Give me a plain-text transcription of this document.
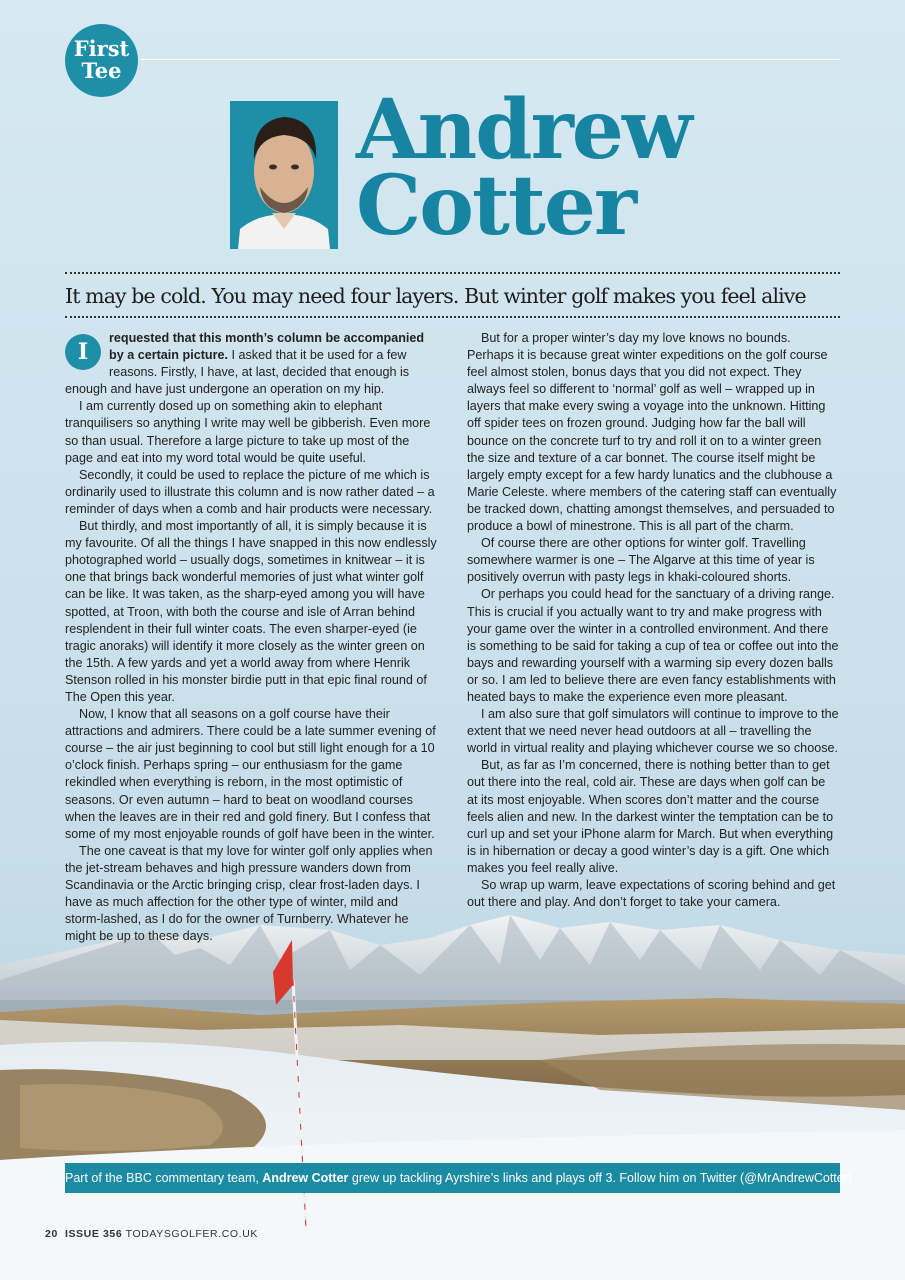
First
Tee
Andrew
Cotter
It may be cold. You may need four layers. But winter golf makes you feel alive

I
requested that this month’s column be accompanied by a certain picture. I asked that it be used for a few reasons. Firstly, I have, at last, decided that enough is enough and have just undergone an operation on my hip.

I am currently dosed up on something akin to elephant tranquilisers so anything I write may well be gibberish. Even more so than usual. Therefore a large picture to take up most of the page and eat into my word total would be quite useful.

Secondly, it could be used to replace the picture of me which is ordinarily used to illustrate this column and is now rather dated – a reminder of days when a comb and hair products were necessary.

But thirdly, and most importantly of all, it is simply because it is my favourite. Of all the things I have snapped in this now endlessly photographed world – usually dogs, sometimes in knitwear – it is one that brings back wonderful memories of just what winter golf can be like. It was taken, as the sharp-eyed among you will have spotted, at Troon, with both the course and isle of Arran behind resplendent in their full winter coats. The even sharper-eyed (ie tragic anoraks) will identify it more closely as the winter green on the 15th. A few yards and yet a world away from where Henrik Stenson rolled in his monster birdie putt in that epic final round of The Open this year.

Now, I know that all seasons on a golf course have their attractions and admirers. There could be a late summer evening of course – the air just beginning to cool but still light enough for a 10 o’clock finish. Perhaps spring – our enthusiasm for the game rekindled when everything is reborn, in the most optimistic of seasons. Or even autumn – hard to beat on woodland courses when the leaves are in their red and gold finery. But I confess that some of my most enjoyable rounds of golf have been in the winter.

The one caveat is that my love for winter golf only applies when the jet-stream behaves and high pressure wanders down from Scandinavia or the Arctic bringing crisp, clear frost-laden days. I have as much affection for the other type of winter, mild and storm-lashed, as I do for the owner of Turnberry. Whatever he might be up to these days.

But for a proper winter’s day my love knows no bounds. Perhaps it is because great winter expeditions on the golf course feel almost stolen, bonus days that you did not expect. They always feel so different to ‘normal’ golf as well – wrapped up in layers that make every swing a voyage into the unknown. Hitting off spider tees on frozen ground. Judging how far the ball will bounce on the concrete turf to try and roll it on to a winter green the size and texture of a car bonnet. The course itself might be largely empty except for a few hardy lunatics and the clubhouse a Marie Celeste. where members of the catering staff can eventually be tracked down, chatting amongst themselves, and persuaded to produce a bowl of minestrone. This is all part of the charm.

Of course there are other options for winter golf. Travelling somewhere warmer is one – The Algarve at this time of year is positively overrun with pasty legs in khaki-coloured shorts.

Or perhaps you could head for the sanctuary of a driving range. This is crucial if you actually want to try and make progress with your game over the winter in a controlled environment. And there is something to be said for taking a cup of tea or coffee out into the bays and rewarding yourself with a warming sip every dozen balls or so. I am led to believe there are even fancy establishments with heated bays to make the experience even more pleasant.

I am also sure that golf simulators will continue to improve to the extent that we need never head outdoors at all – travelling the world in virtual reality and playing whichever course we so choose.

But, as far as I’m concerned, there is nothing better than to get out there into the real, cold air. These are days when golf can be at its most enjoyable. When scores don’t matter and the course feels alien and new. In the darkest winter the temptation can be to curl up and set your iPhone alarm for March. But when everything is in hibernation or decay a good winter’s day is a gift. One which makes you feel really alive.

So wrap up warm, leave expectations of scoring behind and get out there and play. And don’t forget to take your camera.

Part of the BBC commentary team, Andrew Cotter grew up tackling Ayrshire’s links and plays off 3. Follow him on Twitter (@MrAndrewCotter)
20 ISSUE 356 TODAYSGOLFER.CO.UK
